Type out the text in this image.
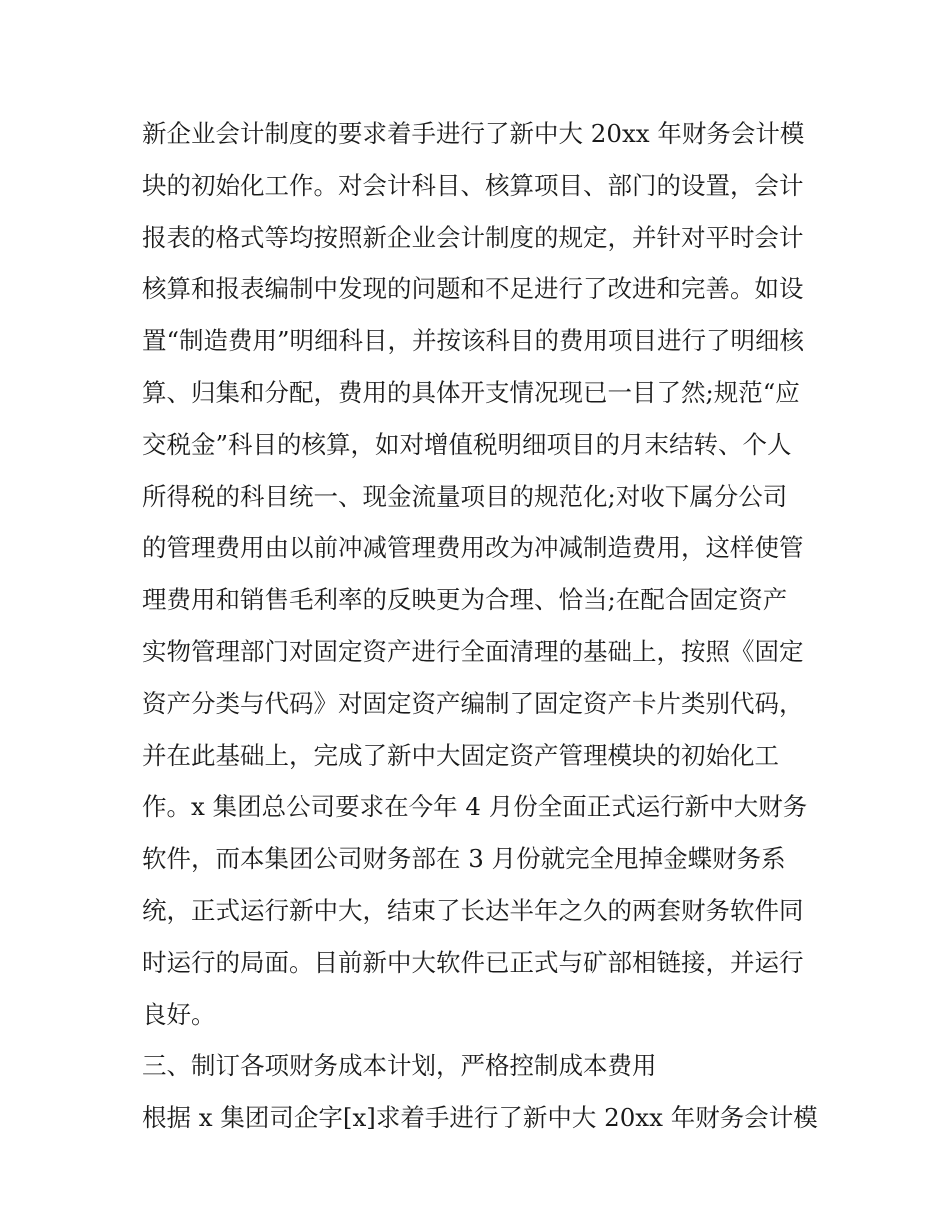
新企业会计制度的要求着手进行了新中大 20xx 年财务会计模
块的初始化工作。对会计科目、核算项目、部门的设置，会计
报表的格式等均按照新企业会计制度的规定，并针对平时会计
核算和报表编制中发现的问题和不足进行了改进和完善。如设
置“制造费用”明细科目，并按该科目的费用项目进行了明细核
算、归集和分配，费用的具体开支情况现已一目了然;规范“应
交税金”科目的核算，如对增值税明细项目的月末结转、个人
所得税的科目统一、现金流量项目的规范化;对收下属分公司
的管理费用由以前冲减管理费用改为冲减制造费用，这样使管
理费用和销售毛利率的反映更为合理、恰当;在配合固定资产
实物管理部门对固定资产进行全面清理的基础上，按照《固定
资产分类与代码》对固定资产编制了固定资产卡片类别代码，
并在此基础上，完成了新中大固定资产管理模块的初始化工
作。x 集团总公司要求在今年 4 月份全面正式运行新中大财务
软件，而本集团公司财务部在 3 月份就完全甩掉金蝶财务系
统，正式运行新中大，结束了长达半年之久的两套财务软件同
时运行的局面。目前新中大软件已正式与矿部相链接，并运行
良好。
三、制订各项财务成本计划，严格控制成本费用
根据 x 集团司企字[x]求着手进行了新中大 20xx 年财务会计模
